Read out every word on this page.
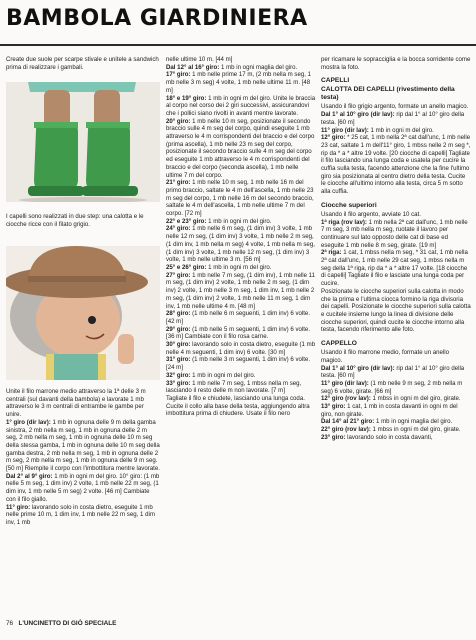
BAMBOLA GIARDINIERA
Create due suole per scarpe stivale e unitele a sandwich prima di realizzare i gambali.
I capelli sono realizzati in due step: una calotta e le ciocche ricce con il filato grigio.

Unite il filo marrone medio attraverso la 1ª delle 3 m centrali (sul davanti della bambola) e lavorate 1 mb attraverso le 3 m centrali di entrambe le gambe per unire.

1° giro (dir lav): 1 mb in ognuna delle 9 m della gamba sinistra, 2 mb nella m seg, 1 mb in ognuna delle 2 m seg, 2 mb nella m seg, 1 mb in ognuna delle 10 m seg della stessa gamba, 1 mb in ognuna delle 10 m seg della gamba destra, 2 mb nella m seg, 1 mb in ognuna delle 2 m seg, 2 mb nella m seg, 1 mb in ognuna delle 9 m seg. [50 m] Riempite il corpo con l'imbottitura mentre lavorate.

Dal 2° al 9° giro: 1 mb in ogni m del giro. 10° giro: (1 mb nelle 5 m seg, 1 dim inv) 2 volte, 1 mb nelle 22 m seg, (1 dim inv, 1 mb nelle 5 m seg) 2 volte. [46 m] Cambiate con il filo giallo.

11° giro: lavorando solo in costa dietro, eseguite 1 mb nelle prime 10 m, 1 dim inv, 1 mb nelle 22 m seg, 1 dim inv, 1 mb

nelle ultime 10 m. [44 m]

Dal 12° al 16° giro: 1 mb in ogni maglia del giro.

17° giro: 1 mb nelle prime 17 m, (2 mb nella m seg, 1 mb nelle 3 m seg) 4 volte, 1 mb nelle ultime 11 m. [48 m]

18° e 19° giro: 1 mb in ogni m del giro. Unite le braccia al corpo nel corso dei 2 giri successivi, assicurandovi che i pollici siano rivolti in avanti mentre lavorate.

20° giro: 1 mb nelle 10 m seg, posizionate il secondo braccio sulle 4 m seg del corpo, quindi eseguite 1 mb attraverso le 4 m corrispondenti del braccio e del corpo (prima ascella), 1 mb nelle 23 m seg del corpo, posizionate il secondo braccio sulle 4 m seg del corpo ed eseguite 1 mb attraverso le 4 m corrispondenti del braccio e del corpo (seconda ascella), 1 mb nelle ultime 7 m del corpo.

21° giro: 1 mb nelle 10 m seg, 1 mb nelle 16 m del primo braccio, saltate le 4 m dell'ascella, 1 mb nelle 23 m seg del corpo, 1 mb nelle 16 m del secondo braccio, saltate le 4 m dell'ascella, 1 mb nelle ultime 7 m del corpo. [72 m]

22° e 23° giro: 1 mb in ogni m del giro.

24° giro: 1 mb nelle 6 m seg, (1 dim inv) 3 volte, 1 mb nelle 12 m seg, (1 dim inv) 3 volte, 1 mb nelle 2 m seg, (1 dim inv, 1 mb nella m seg) 4 volte, 1 mb nella m seg, (1 dim inv) 3 volte, 1 mb nelle 12 m seg, (1 dim inv) 3 volte, 1 mb nelle ultime 3 m. [56 m]

25° e 26° giro: 1 mb in ogni m del giro.

27° giro: 1 mb nelle 7 m seg, (1 dim inv), 1 mb nelle 11 m seg, (1 dim inv) 2 volte, 1 mb nelle 2 m seg, (1 dim inv) 2 volte, 1 mb nelle 3 m seg, 1 dim inv, 1 mb nelle 2 m seg, (1 dim inv) 2 volte, 1 mb nelle 11 m seg, 1 dim inv, 1 mb nelle ultime 4 m. [48 m]

28° giro: (1 mb nelle 6 m seguenti, 1 dim inv) 6 volte. [42 m]

29° giro: (1 mb nelle 5 m seguenti, 1 dim inv) 6 volte. [36 m] Cambiate con il filo rosa carne.

30° giro: lavorando solo in costa dietro, eseguite (1 mb nelle 4 m seguenti, 1 dim inv) 6 volte. [30 m]

31° giro: (1 mb nelle 3 m seguenti, 1 dim inv) 6 volte. [24 m]

32° giro: 1 mb in ogni m del giro.

33° giro: 1 mb nelle 7 m seg, 1 mbss nella m seg, lasciando il resto delle m non lavorate. [7 m]

Tagliate il filo e chiudete, lasciando una lunga coda. Cucite il collo alla base della testa, aggiungendo altra imbottitura prima di chiudere. Usate il filo nero

per ricamare le sopracciglia e la bocca sorridente come mostra la foto.

CAPELLI
CALOTTA DEI CAPELLI (rivestimento della testa)

Usando il filo grigio argento, formate un anello magico.

Dal 1° al 10° giro (dir lav): rip dal 1° al 10° giro della testa. [60 m]

11° giro (dir lav): 1 mb in ogni m del giro.

12° giro: * 25 cat, 1 mb nella 2ª cat dall'unc, 1 mb nelle 23 cat, saltate 1 m dell'11° giro, 1 mbss nelle 2 m seg *, rip da * a * altre 19 volte. [20 ciocche di capelli] Tagliate il filo lasciando una lunga coda e usatela per cucire la cuffia sulla testa, facendo attenzione che la fine l'ultimo giro sia posizionata al centro dietro della testa. Cucite le ciocche all'ultimo intorno alla testa, circa 5 m sotto alla cuffia.

Ciocche superiori

Usando il filo argento, avviate 10 cat.

1ª riga (rov lav): 1 mb nella 2ª cat dall'unc, 1 mb nelle 7 m seg, 3 mb nella m seg, ruotate il lavoro per continuare sul lato opposto delle cat di base ed eseguite 1 mb nelle 8 m seg, girate. [19 m]

2ª riga: 1 cat, 1 mbss nella m seg, * 31 cat, 1 mb nella 2ª cat dall'unc, 1 mb nelle 29 cat seg, 1 mbss nella m seg della 1ª riga, rip da * a * altre 17 volte. [18 ciocche di capelli] Tagliate il filo e lasciate una lunga coda per cucire.

Posizionate le ciocche superiori sulla calotta in modo che la prima e l'ultima ciocca formino la riga divisoria dei capelli. Posizionate le ciocche superiori sulla calotta e cucitele insieme lungo la linea di divisione delle ciocche superiori, quindi cucite le ciocche intorno alla testa, facendo riferimento alle foto.

CAPPELLO

Usando il filo marrone medio, formate un anello magico.

Dal 1° al 10° giro (dir lav): rip dal 1° al 10° giro della testa. [60 m]

11° giro (dir lav): (1 mb nelle 9 m seg, 2 mb nella m seg) 6 volte, girate. [66 m]

12° giro (rov lav): 1 mbss in ogni m del giro, girate.

13° giro: 1 cat, 1 mb in costa davanti in ogni m del giro, non girate.

Dal 14° al 21° giro: 1 mb in ogni maglia del giro.

22° giro (rov lav): 1 mbss in ogni m del giro, girate.

23° giro: lavorando solo in costa davanti,

76 L'UNCINETTO DI GIÒ SPECIALE
